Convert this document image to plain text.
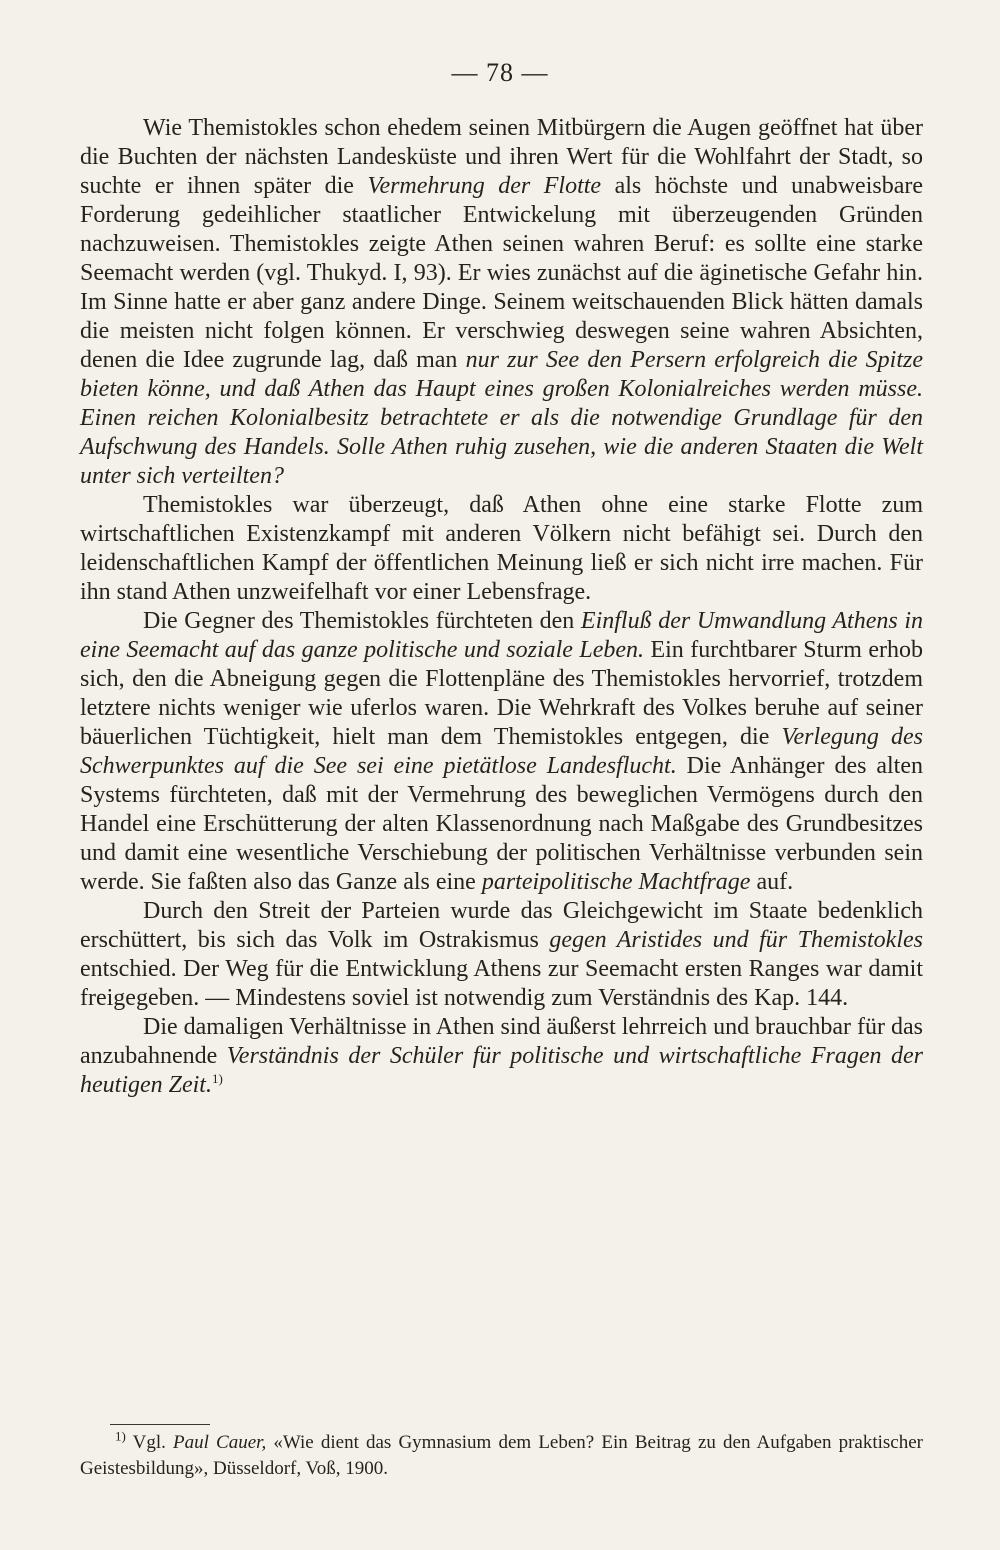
— 78 —

Wie Themistokles schon ehedem seinen Mitbürgern die Augen geöffnet hat über die Buchten der nächsten Landesküste und ihren Wert für die Wohlfahrt der Stadt, so suchte er ihnen später die Vermehrung der Flotte als höchste und unabweisbare Forderung gedeihlicher staatlicher Entwickelung mit überzeugenden Gründen nachzuweisen. Themistokles zeigte Athen seinen wahren Beruf: es sollte eine starke Seemacht werden (vgl. Thukyd. I, 93). Er wies zunächst auf die äginetische Gefahr hin. Im Sinne hatte er aber ganz andere Dinge. Seinem weitschauenden Blick hätten damals die meisten nicht folgen können. Er verschwieg deswegen seine wahren Absichten, denen die Idee zugrunde lag, daß man nur zur See den Persern erfolgreich die Spitze bieten könne, und daß Athen das Haupt eines großen Kolonialreiches werden müsse. Einen reichen Kolonialbesitz betrachtete er als die notwendige Grundlage für den Aufschwung des Handels. Solle Athen ruhig zusehen, wie die anderen Staaten die Welt unter sich verteilten?

Themistokles war überzeugt, daß Athen ohne eine starke Flotte zum wirtschaftlichen Existenzkampf mit anderen Völkern nicht befähigt sei. Durch den leidenschaftlichen Kampf der öffentlichen Meinung ließ er sich nicht irre machen. Für ihn stand Athen unzweifelhaft vor einer Lebensfrage.

Die Gegner des Themistokles fürchteten den Einfluß der Umwandlung Athens in eine Seemacht auf das ganze politische und soziale Leben. Ein furchtbarer Sturm erhob sich, den die Abneigung gegen die Flottenpläne des Themistokles hervorrief, trotzdem letztere nichts weniger wie uferlos waren. Die Wehrkraft des Volkes beruhe auf seiner bäuerlichen Tüchtigkeit, hielt man dem Themistokles entgegen, die Verlegung des Schwerpunktes auf die See sei eine pietätlose Landesflucht. Die Anhänger des alten Systems fürchteten, daß mit der Vermehrung des beweglichen Vermögens durch den Handel eine Erschütterung der alten Klassenordnung nach Maßgabe des Grundbesitzes und damit eine wesentliche Verschiebung der politischen Verhältnisse verbunden sein werde. Sie faßten also das Ganze als eine parteipolitische Machtfrage auf.

Durch den Streit der Parteien wurde das Gleichgewicht im Staate bedenklich erschüttert, bis sich das Volk im Ostrakismus gegen Aristides und für Themistokles entschied. Der Weg für die Entwicklung Athens zur Seemacht ersten Ranges war damit freigegeben. — Mindestens soviel ist notwendig zum Verständnis des Kap. 144.

Die damaligen Verhältnisse in Athen sind äußerst lehrreich und brauchbar für das anzubahnende Verständnis der Schüler für politische und wirtschaftliche Fragen der heutigen Zeit.$^{1)}$

$^{1)}$ Vgl. Paul Cauer, «Wie dient das Gymnasium dem Leben? Ein Beitrag zu den Aufgaben praktischer Geistesbildung», Düsseldorf, Voß, 1900.
